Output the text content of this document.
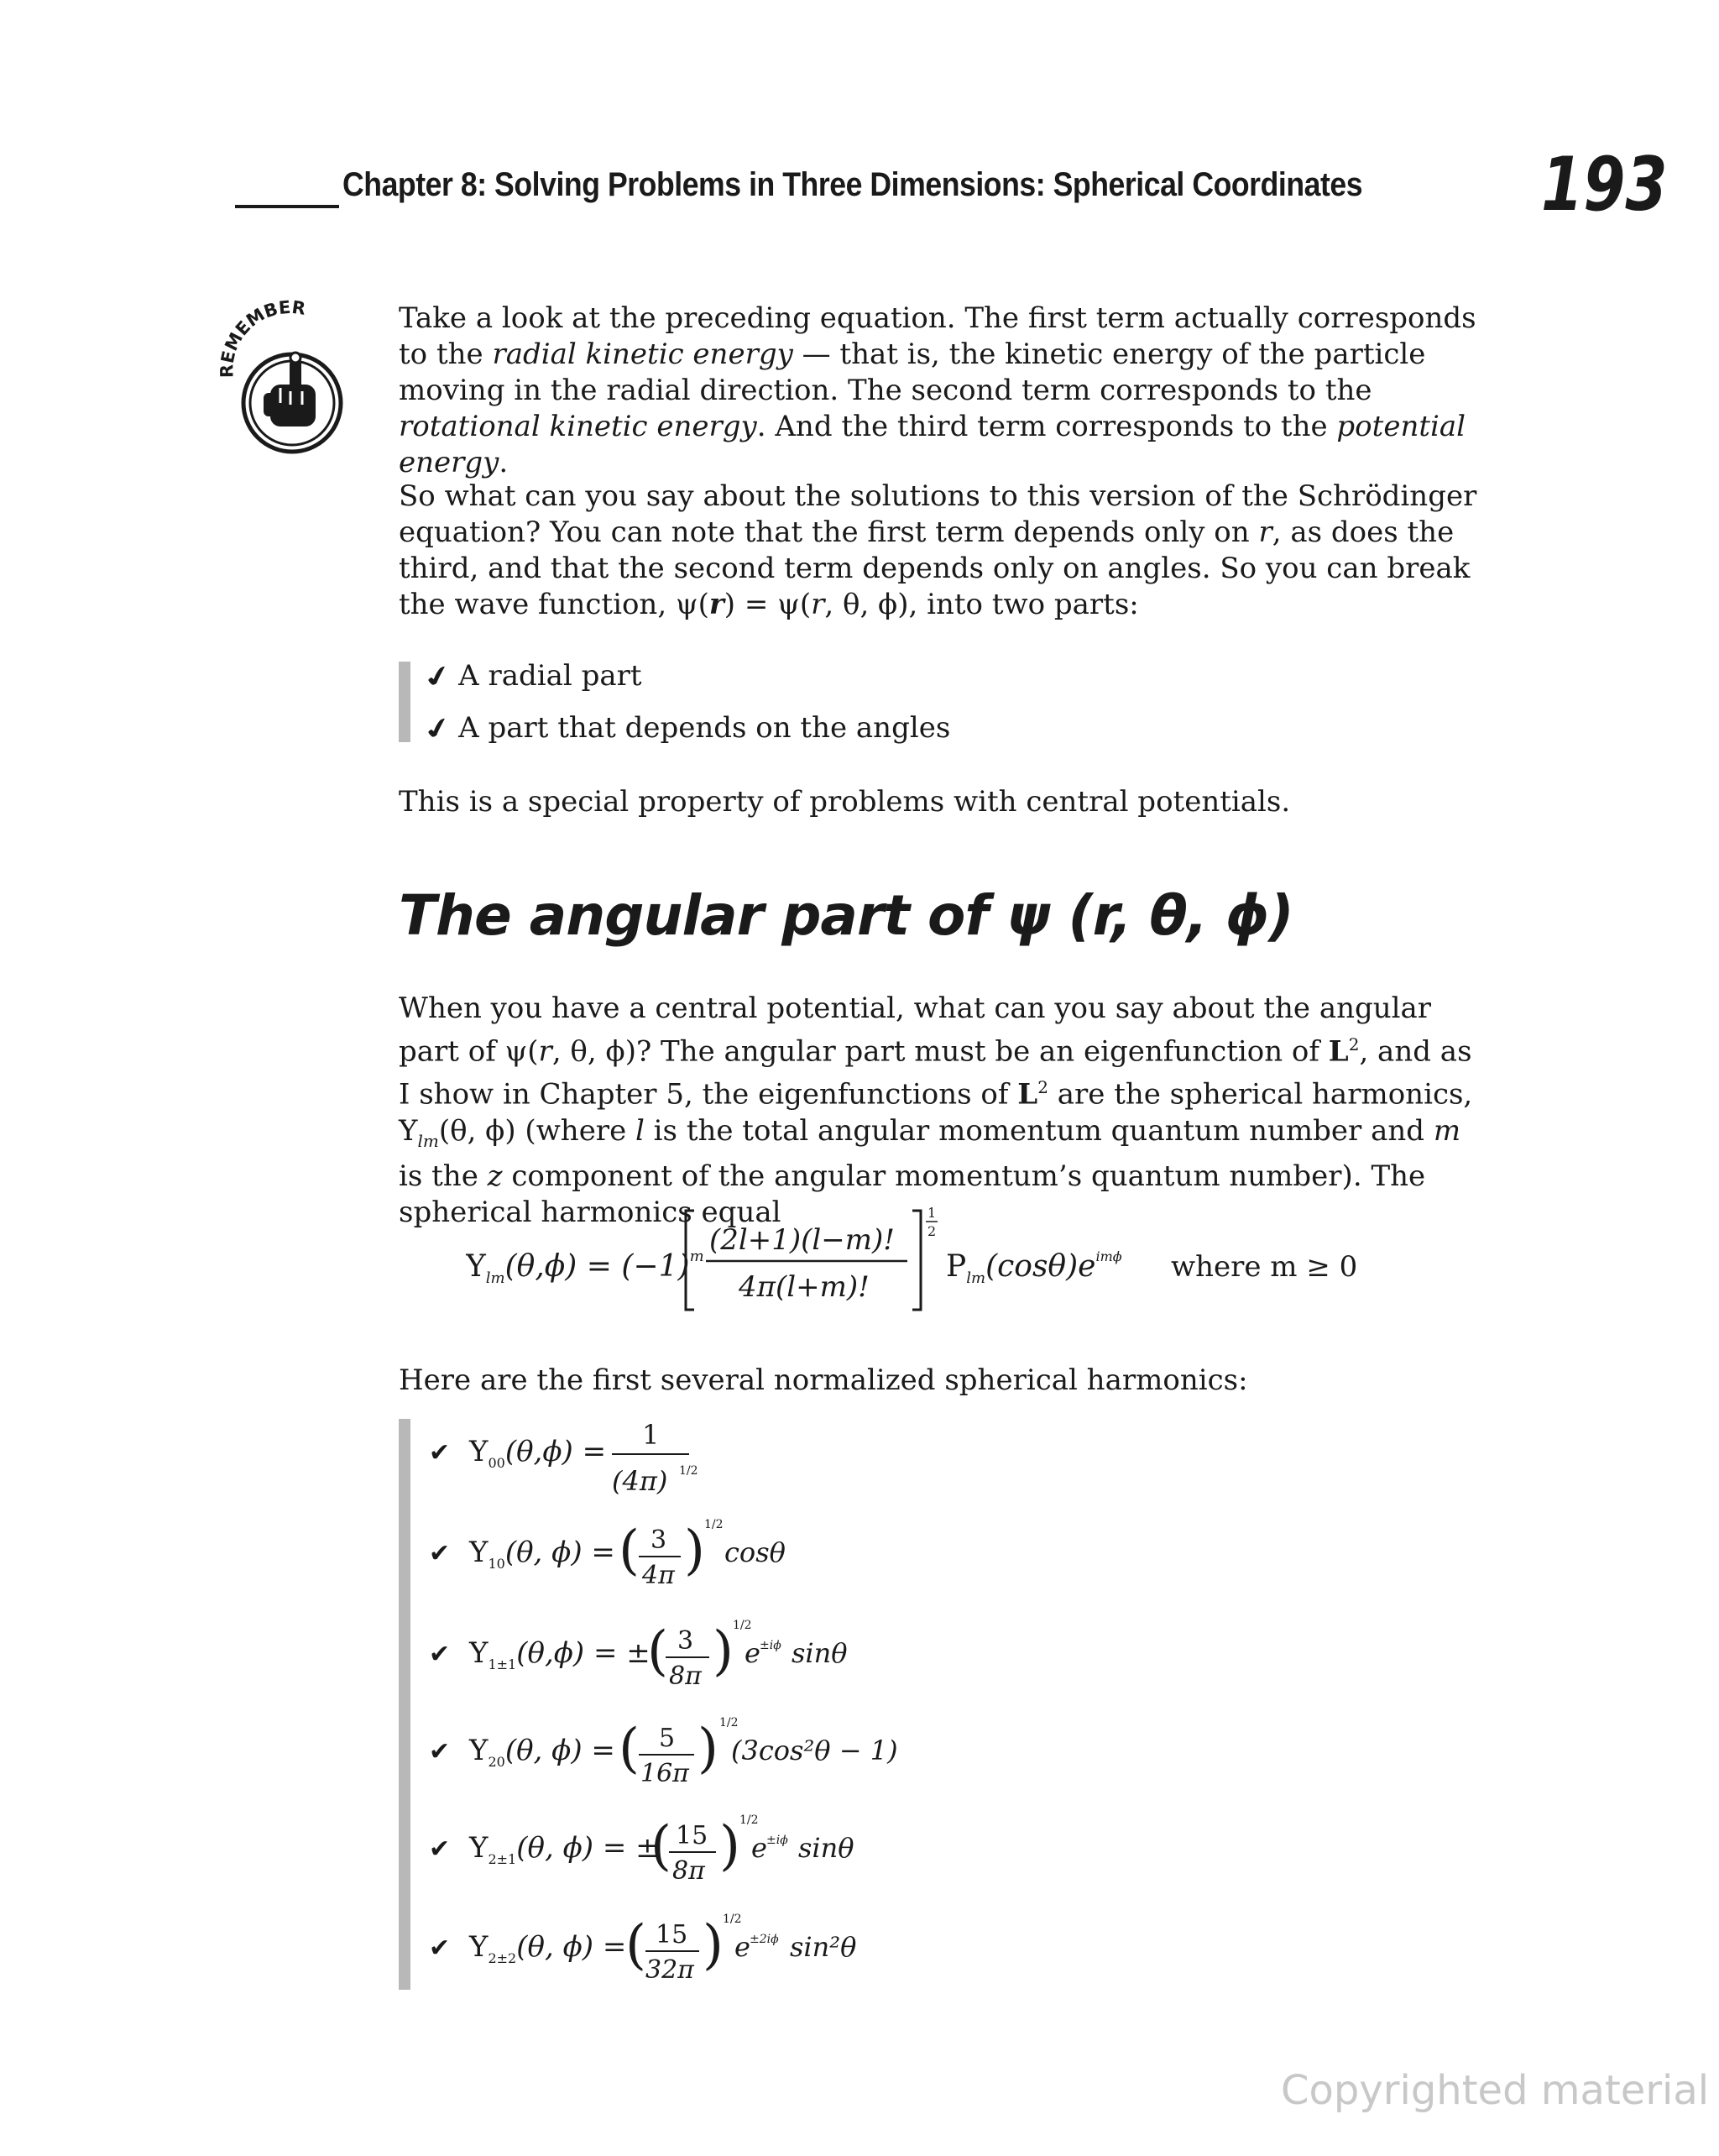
Chapter 8: Solving Problems in Three Dimensions: Spherical Coordinates 193
REMEMBER	Take a look at the preceding equation. The first term actually corresponds to the radial kinetic energy — that is, the kinetic energy of the particle moving in the radial direction. The second term corresponds to the rotational kinetic energy. And the third term corresponds to the potential energy.
So what can you say about the solutions to this version of the Schrödinger equation? You can note that the first term depends only on r, as does the third, and that the second term depends only on angles. So you can break the wave function, ψ(r) = ψ(r, θ, ϕ), into two parts:
✔A radial part
✔A part that depends on the angles
This is a special property of problems with central potentials.
The angular part of ψ (r, θ, ϕ)
When you have a central potential, what can you say about the angular part of ψ(r, θ, ϕ)? The angular part must be an eigenfunction of $L^2$, and as I show in Chapter 5, the eigenfunctions of $L^2$ are the spherical harmonics, $Y_{lm}(\theta$, ϕ) (where l is the total angular momentum quantum number and m is the z component of the angular momentum’s quantum number). The spherical harmonics equal
$Y_{lm}(\theta,\phi) = (-1)^m$ (2l+1)(l−m)!
4π(l+m)!
1
2
$P_{lm}(\cos\theta)e^{im\phi}$ where m ≥ 0
Here are the first several normalized spherical harmonics:
✔ $Y_{00}(\theta,\phi) = 1$
(4π) 1/2
✔ $Y_{10}(\theta$, ϕ) = ( 3
4π ) 1/2
cosθ
✔ $Y_{1\pm 1}(\theta,\phi)$ = ±
( 3
8π ) 1/2
e ±iϕ sinθ
✔ $Y_{20}(\theta$, ϕ) = ( 5
16π ) 1/2
(3cos²θ − 1)
✔ $Y_{2\pm 1}(\theta$, ϕ) = ±
( 15
8π ) 1/2
e ±iϕ sinθ
✔ $Y_{2\pm 2}(\theta$, ϕ) =
( 15
32π ) 1/2
e ±2iϕ sin²θ
Copyrighted material
